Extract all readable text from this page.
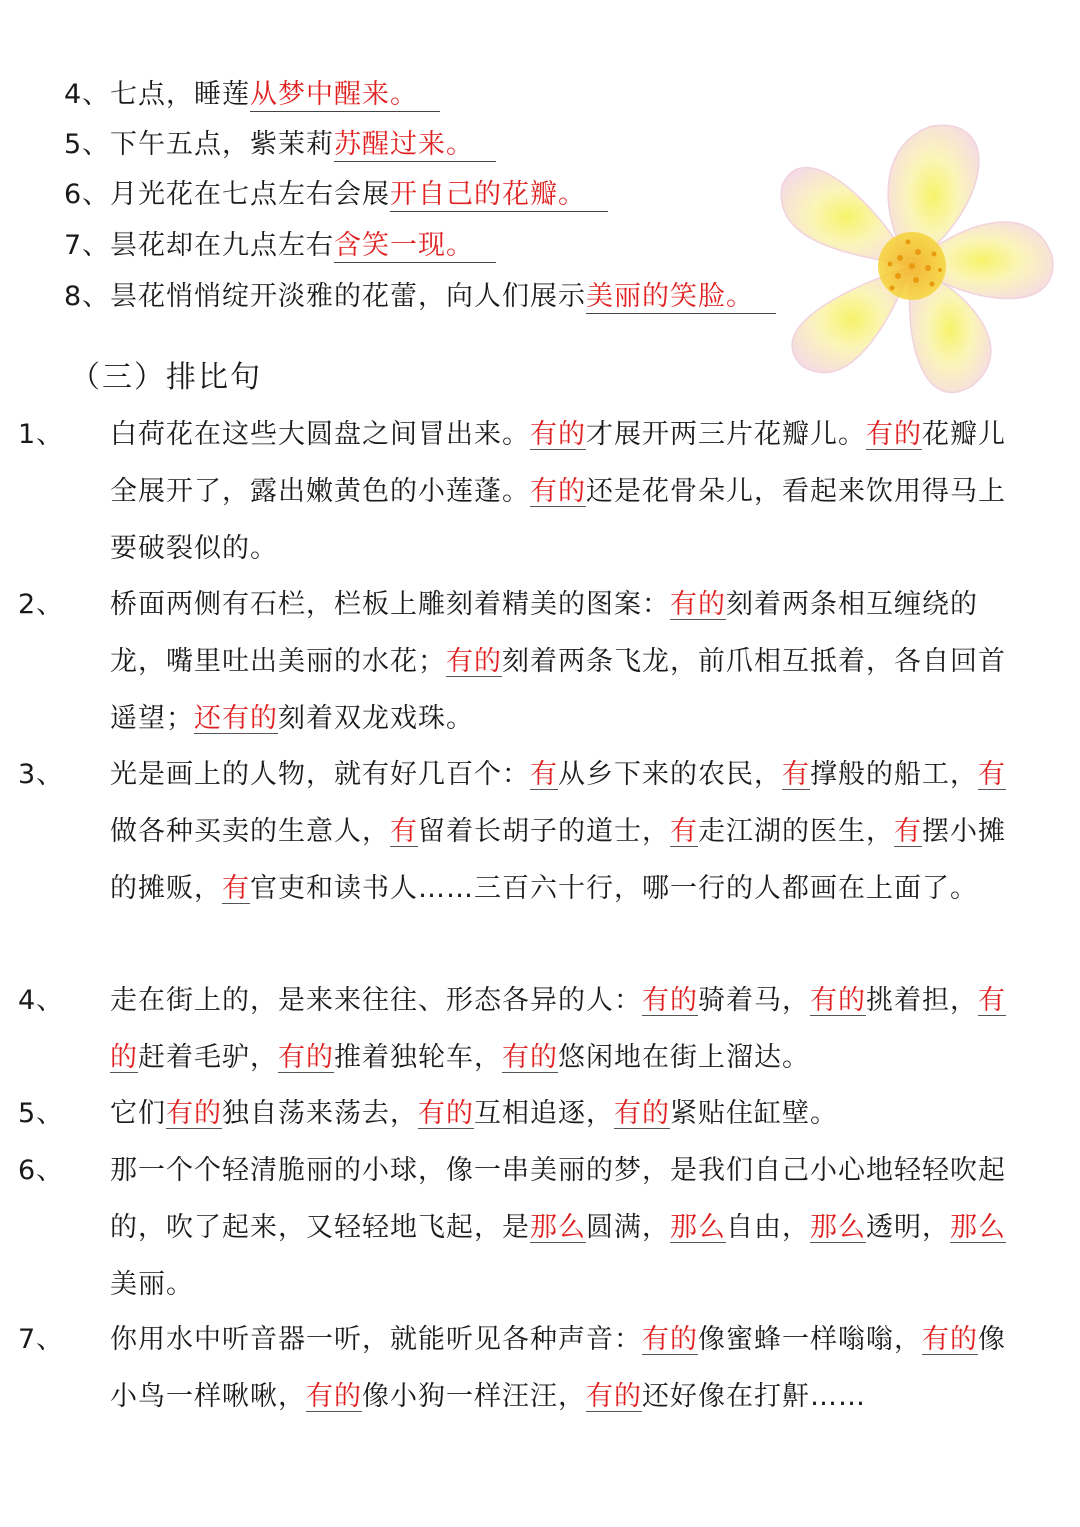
4、七点，睡莲从梦中醒来。
5、下午五点，紫茉莉苏醒过来。
6、月光花在七点左右会展开自己的花瓣。
7、昙花却在九点左右含笑一现。
8、昙花悄悄绽开淡雅的花蕾，向人们展示美丽的笑脸。
（三）排比句
1、 白荷花在这些大圆盘之间冒出来。有的才展开两三片花瓣儿。有的花瓣儿全展开了，露出嫩黄色的小莲蓬。有的还是花骨朵儿，看起来饮用得马上要破裂似的。
2、 桥面两侧有石栏，栏板上雕刻着精美的图案：有的刻着两条相互缠绕的龙，嘴里吐出美丽的水花；有的刻着两条飞龙，前爪相互抵着，各自回首遥望；还有的刻着双龙戏珠。
3、 光是画上的人物，就有好几百个：有从乡下来的农民，有撑般的船工，有做各种买卖的生意人，有留着长胡子的道士，有走江湖的医生，有摆小摊的摊贩，有官吏和读书人……三百六十行，哪一行的人都画在上面了。
4、 走在街上的，是来来往往、形态各异的人：有的骑着马，有的挑着担，有的赶着毛驴，有的推着独轮车，有的悠闲地在街上溜达。
5、 它们有的独自荡来荡去，有的互相追逐，有的紧贴住缸壁。
6、 那一个个轻清脆丽的小球，像一串美丽的梦，是我们自己小心地轻轻吹起的，吹了起来，又轻轻地飞起，是那么圆满，那么自由，那么透明，那么美丽。
7、 你用水中听音器一听，就能听见各种声音：有的像蜜蜂一样嗡嗡，有的像小鸟一样啾啾，有的像小狗一样汪汪，有的还好像在打鼾……
